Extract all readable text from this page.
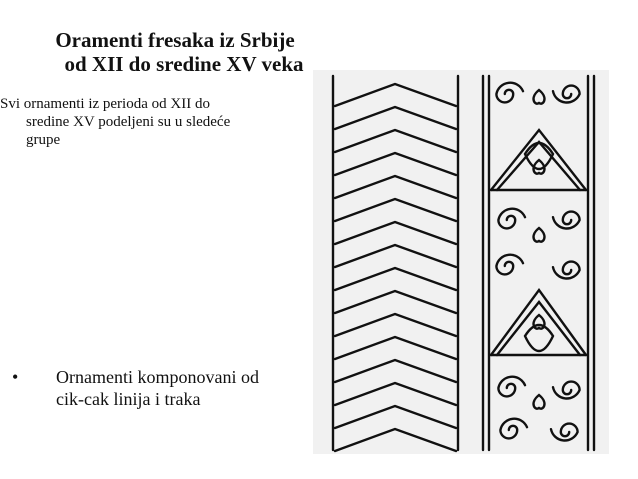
Oramenti fresaka iz Srbije
od XII do sredine XV veka
Svi ornamenti iz perioda od XII do
sredine XV podeljeni su u sledeće
grupe
•	Ornamenti komponovani od
cik-cak linija i traka
